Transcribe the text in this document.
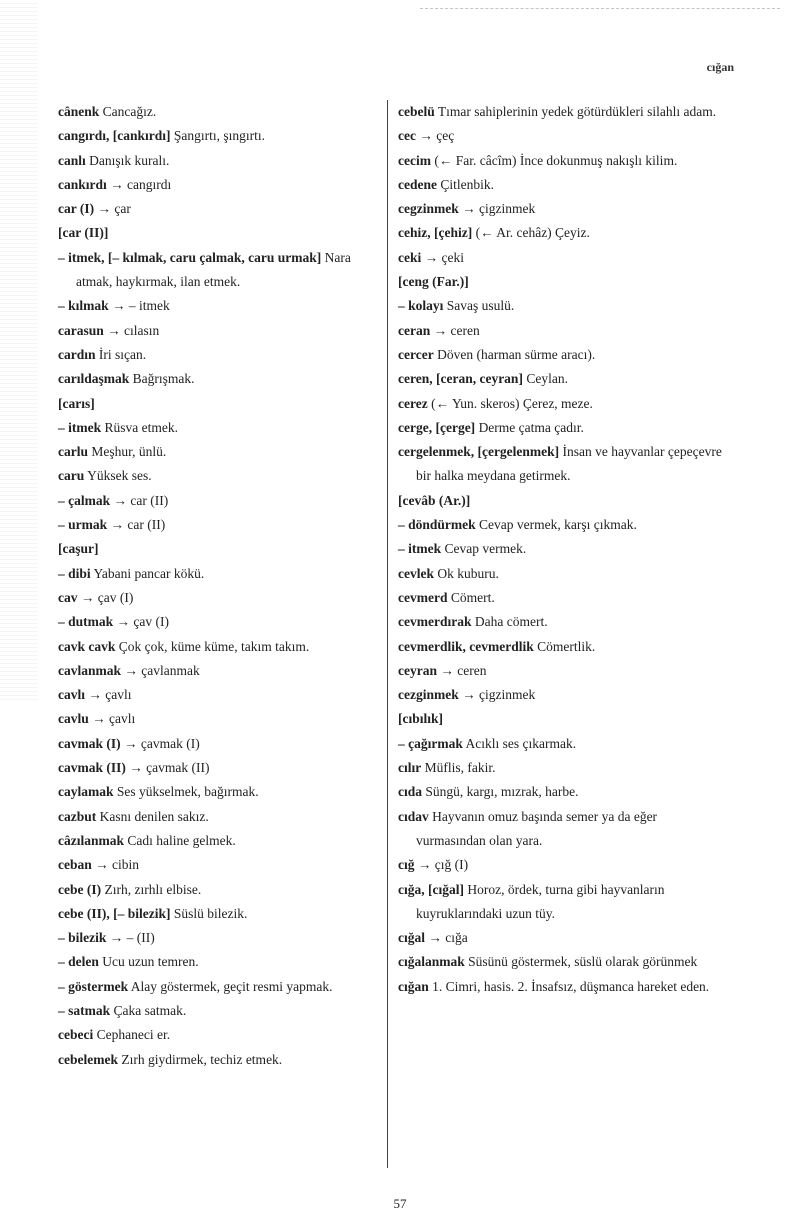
cığan
cânenk Cancağız.
cangırdı, [cankırdı] Şangırtı, şıngırtı.
canlı Danışık kuralı.
cankırdı → cangırdı
car (I) → çar
[car (II)]
– itmek, [– kılmak, caru çalmak, caru urmak] Nara atmak, haykırmak, ilan etmek.
– kılmak → – itmek
carasun → cılasın
cardın İri sıçan.
carıldaşmak Bağrışmak.
[carıs]
– itmek Rüsva etmek.
carlu Meşhur, ünlü.
caru Yüksek ses.
– çalmak → car (II)
– urmak → car (II)
[caşur]
– dibi Yabani pancar kökü.
cav → çav (I)
– dutmak → çav (I)
cavk cavk Çok çok, küme küme, takım takım.
cavlanmak → çavlanmak
cavlı → çavlı
cavlu → çavlı
cavmak (I) → çavmak (I)
cavmak (II) → çavmak (II)
caylamak Ses yükselmek, bağırmak.
cazbut Kasnı denilen sakız.
câzılanmak Cadı haline gelmek.
ceban → cibin
cebe (I) Zırh, zırhlı elbise.
cebe (II), [– bilezik] Süslü bilezik.
– bilezik → – (II)
– delen Ucu uzun temren.
– göstermek Alay göstermek, geçit resmi yapmak.
– satmak Çaka satmak.
cebeci Cephaneci er.
cebelemek Zırh giydirmek, techiz etmek.
cebelü Tımar sahiplerinin yedek götürdükleri silahlı adam.
cec → çeç
cecim (← Far. câcîm) İnce dokunmuş nakışlı kilim.
cedene Çitlenbik.
cegzinmek → çigzinmek
cehiz, [çehiz] (← Ar. cehâz) Çeyiz.
ceki → çeki
[ceng (Far.)]
– kolayı Savaş usulü.
ceran → ceren
cercer Döven (harman sürme aracı).
ceren, [ceran, ceyran] Ceylan.
cerez (← Yun. skeros) Çerez, meze.
cerge, [çerge] Derme çatma çadır.
cergelenmek, [çergelenmek] İnsan ve hayvanlar çepeçevre bir halka meydana getirmek.
[cevâb (Ar.)]
– döndürmek Cevap vermek, karşı çıkmak.
– itmek Cevap vermek.
cevlek Ok kuburu.
cevmerd Cömert.
cevmerdırak Daha cömert.
cevmerdlik, cevmerdlik Cömertlik.
ceyran → ceren
cezginmek → çigzinmek
[cıbılık]
– çağırmak Acıklı ses çıkarmak.
cılır Müflis, fakir.
cıda Süngü, kargı, mızrak, harbe.
cıdav Hayvanın omuz başında semer ya da eğer vurmasından olan yara.
cığ → çığ (I)
cığa, [cığal] Horoz, ördek, turna gibi hayvanların kuyruklarındaki uzun tüy.
cığal → cığa
cığalanmak Süsünü göstermek, süslü olarak görünmek
cığan 1. Cimri, hasis. 2. İnsafsız, düşmanca hareket eden.
57
